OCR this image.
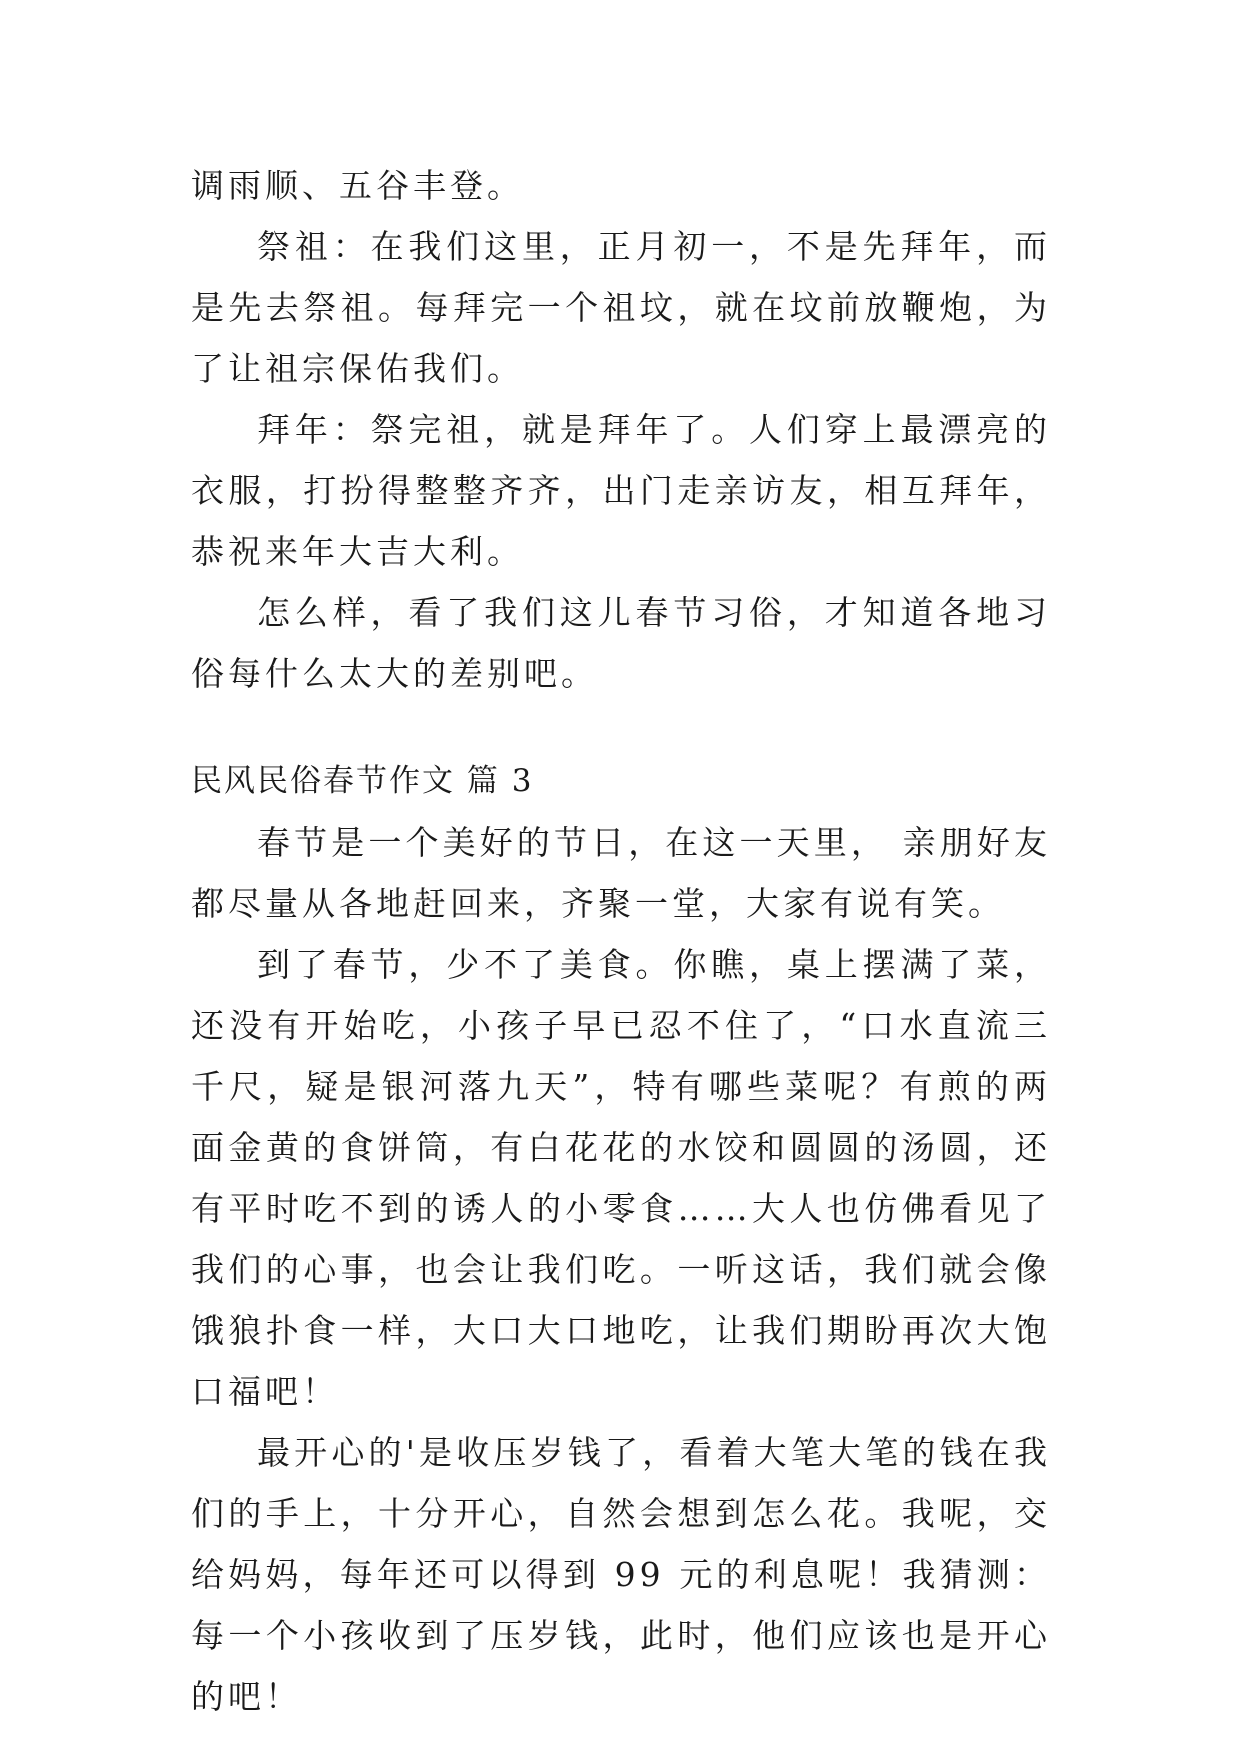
调雨顺、五谷丰登。

祭祖：在我们这里，正月初一，不是先拜年，而是先去祭祖。每拜完一个祖坟，就在坟前放鞭炮，为了让祖宗保佑我们。

拜年：祭完祖，就是拜年了。人们穿上最漂亮的衣服，打扮得整整齐齐，出门走亲访友，相互拜年，恭祝来年大吉大利。

怎么样，看了我们这儿春节习俗，才知道各地习俗每什么太大的差别吧。

民风民俗春节作文 篇 3

春节是一个美好的节日，在这一天里， 亲朋好友都尽量从各地赶回来，齐聚一堂，大家有说有笑。

到了春节，少不了美食。你瞧，桌上摆满了菜，还没有开始吃，小孩子早已忍不住了，“口水直流三千尺，疑是银河落九天”，特有哪些菜呢？有煎的两面金黄的食饼筒，有白花花的水饺和圆圆的汤圆，还有平时吃不到的诱人的小零食……大人也仿佛看见了我们的心事，也会让我们吃。一听这话，我们就会像饿狼扑食一样，大口大口地吃，让我们期盼再次大饱口福吧！

最开心的'是收压岁钱了，看着大笔大笔的钱在我们的手上，十分开心，自然会想到怎么花。我呢，交给妈妈，每年还可以得到 99 元的利息呢！我猜测：每一个小孩收到了压岁钱，此时，他们应该也是开心的吧！
